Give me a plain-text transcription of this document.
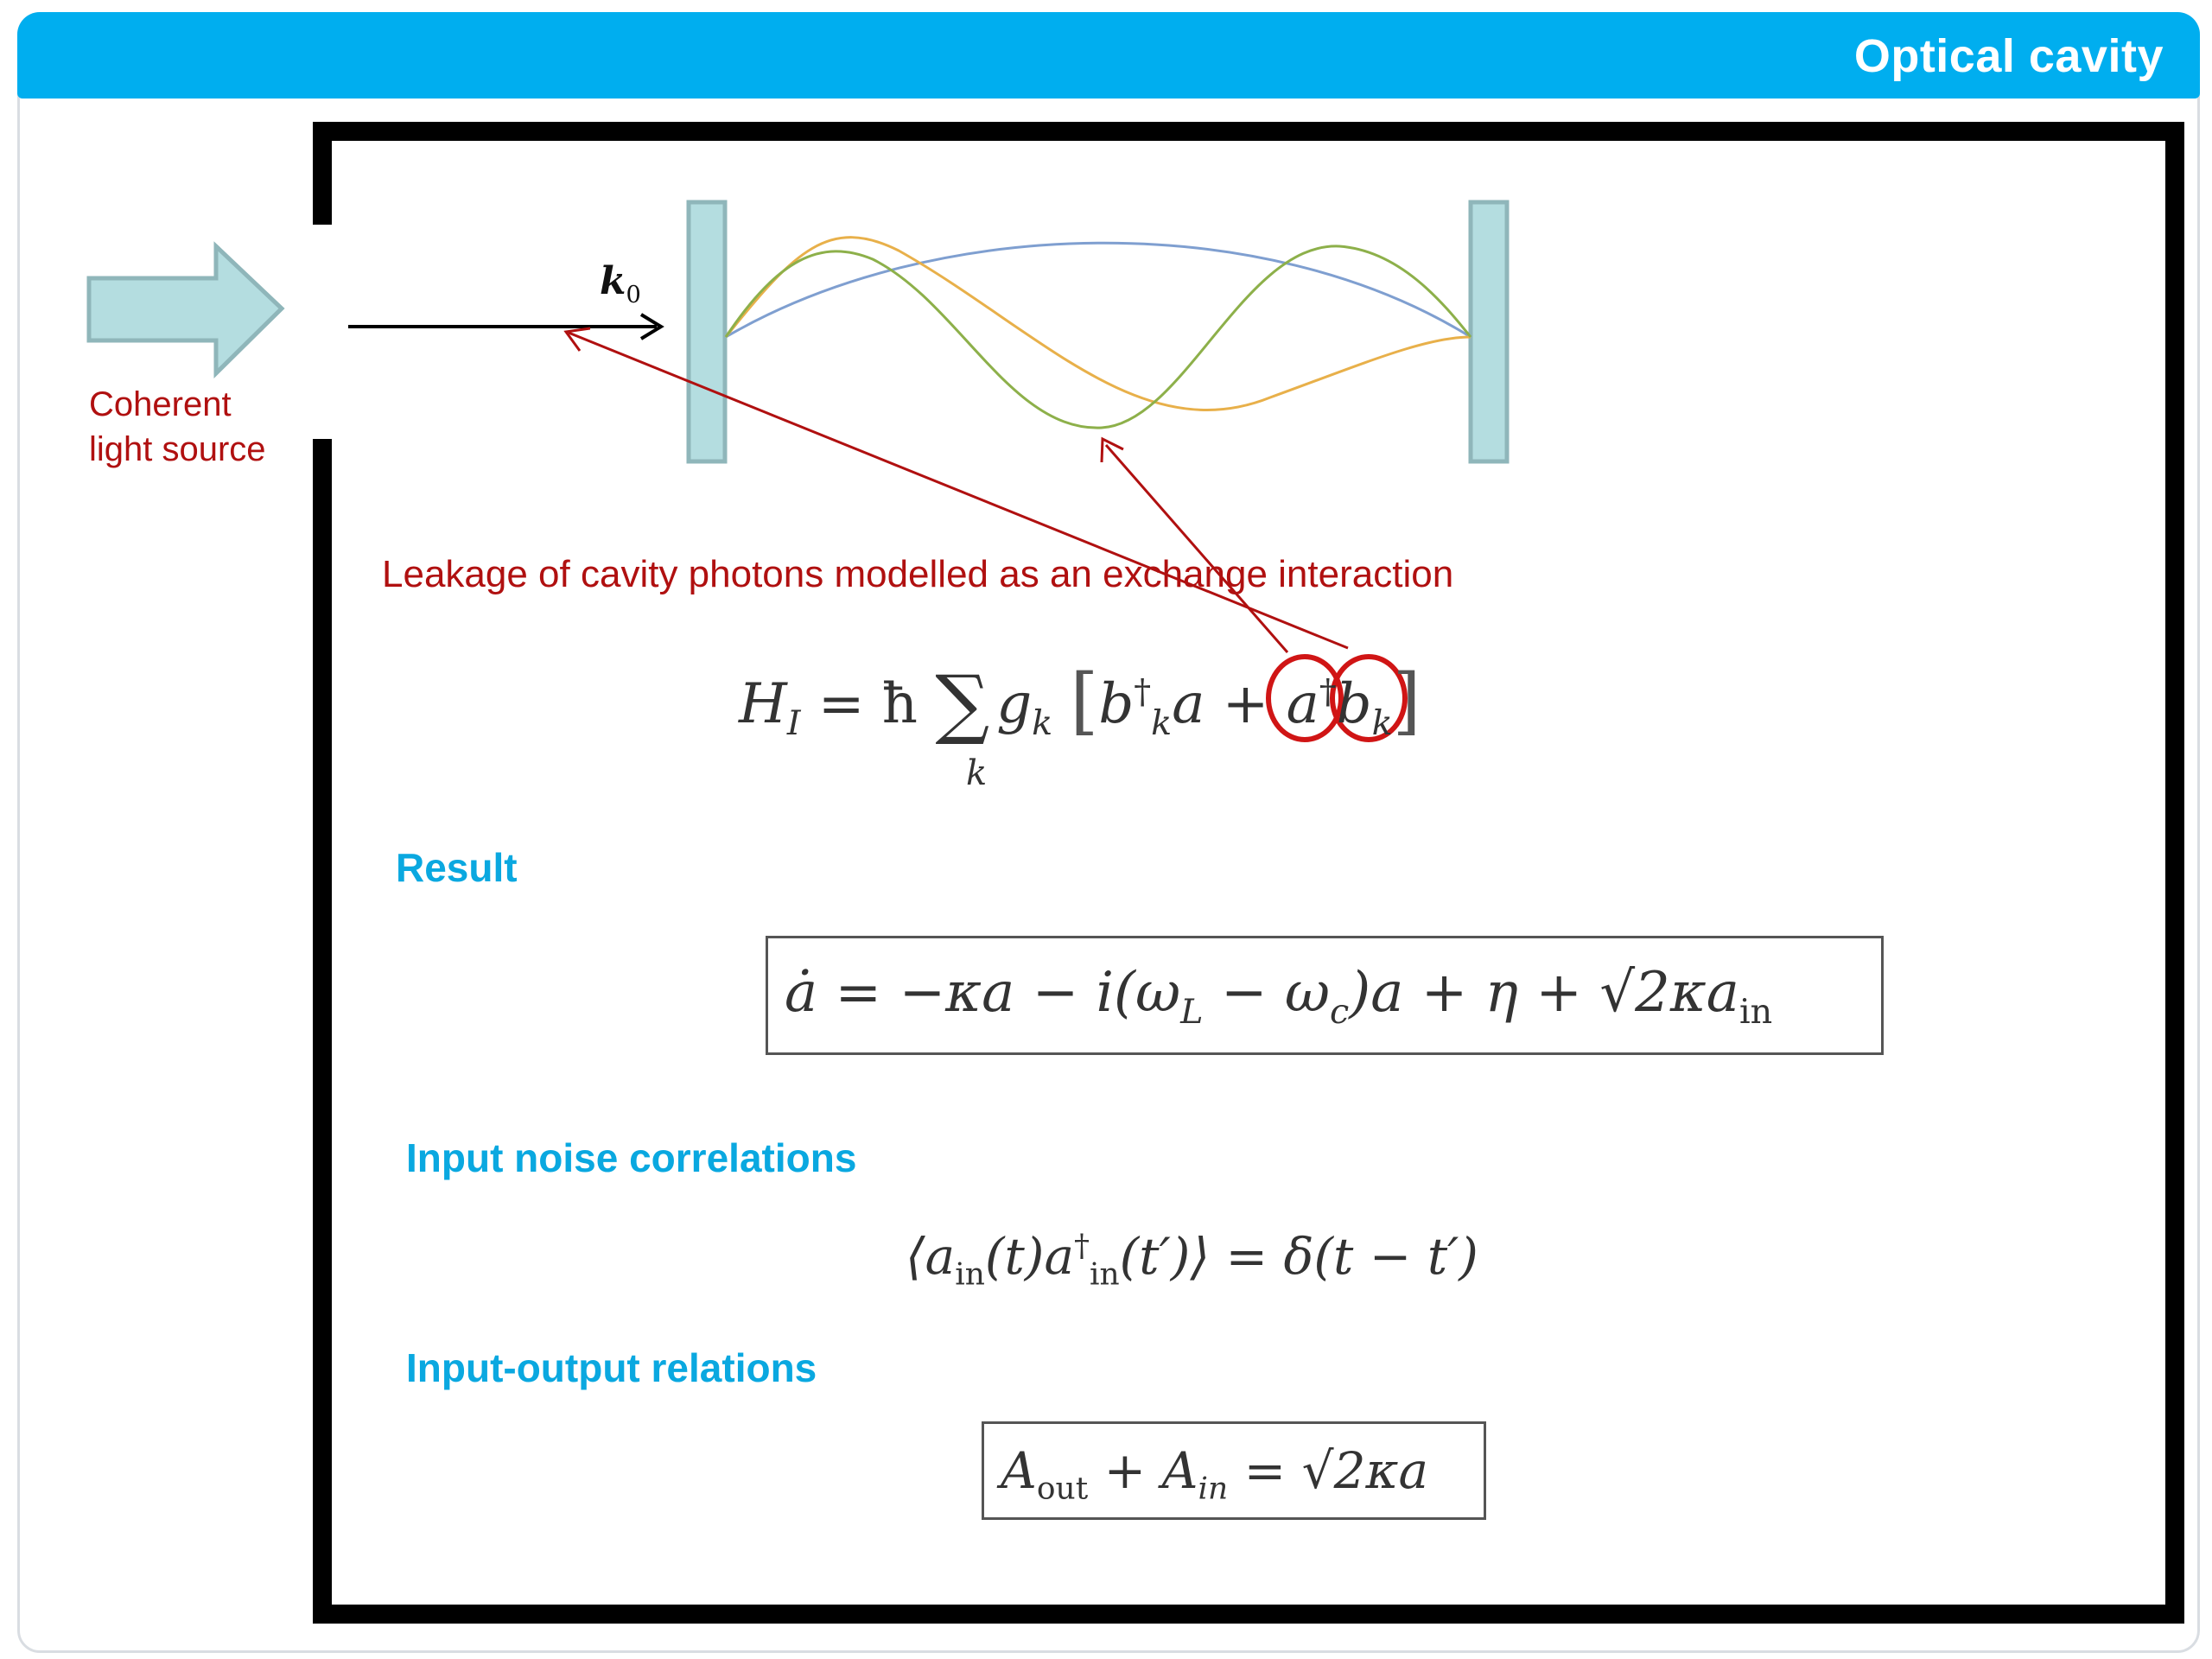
Optical cavity
Coherent
light source
$k_0$
Leakage of cavity photons modelled as an exchange interaction
$H_I$ = ħ ∑ $g_k$ $[b^\dagger_ka + a^\dagger b_k]$
k
Result
ȧ = $-\kappa a - i(\omega_L - \omega_c)a + \eta + √2\kappa a_{in}$
Input noise correlations
$⟨a_{in}(t)a^\dagger_{in}(t')⟩ = \delta(t - t')$
Input-output relations
$A_{out} + A_{in} = √2\kappa a$
